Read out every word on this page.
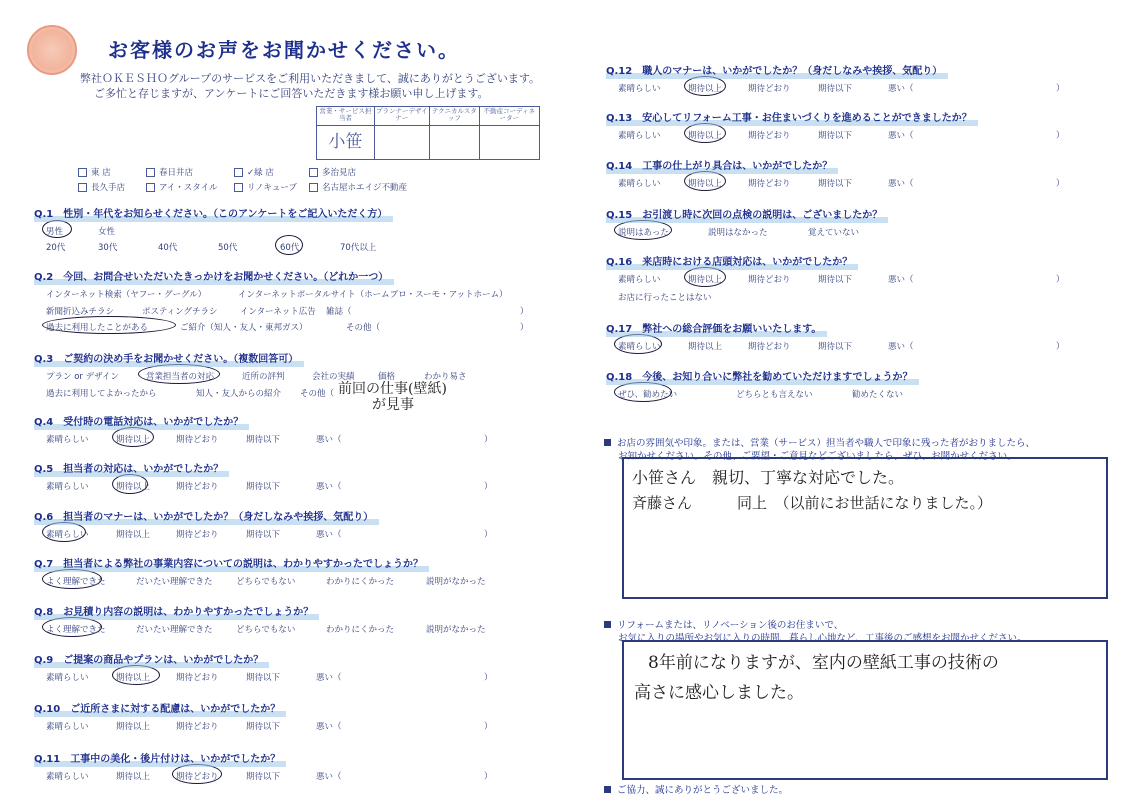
お客様のお声をお聞かせください。
弊社ＯＫＥＳＨＯグループのサービスをご利用いただきまして、誠にありがとうございます。
ご多忙と存じますが、アンケートにご回答いただきます様お願い申し上げます。
営業・サービス担当者	プランナーデザイナー	テクニカルスタッフ	不動産コーディネーター
小笹			
東 店	春日井店	✓緑 店	多治見店
長久手店	アイ・スタイル	リノキューブ	名古屋ホエイジ不動産
Q.1　性別・年代をお知らせください。（このアンケートをご記入いただく方）
男性	女性
20代	30代	40代	50代	60代	70代以上
Q.2　今回、お問合せいただいたきっかけをお聞かせください。（どれか一つ）
インターネット検索（ヤフー・グーグル）	インターネットポータルサイト（ホームプロ・スーモ・アットホーム）
新聞折込みチラシ	ポスティングチラシ	インターネット広告 雑誌（	）
過去に利用したことがある	ご紹介（知人・友人・東邦ガス）	その他（	）
Q.3　ご契約の決め手をお聞かせください。（複数回答可）
プラン or デザイン	営業担当者の対応	近所の評判	会社の実績	価格	わかり易さ
過去に利用してよかったから	知人・友人からの紹介 その他（ 前回の仕事(壁紙)
が見事
Q.4　受付時の電話対応は、いかがでしたか？
素晴らしい	期待以上	期待どおり	期待以下	悪い（	）
Q.5　担当者の対応は、いかがでしたか？
素晴らしい	期待以上	期待どおり	期待以下	悪い（	）
Q.6　担当者のマナーは、いかがでしたか？（身だしなみや挨拶、気配り）
素晴らしい	期待以上	期待どおり	期待以下	悪い（	）
Q.7　担当者による弊社の事業内容についての説明は、わかりやすかったでしょうか？
よく理解できた	だいたい理解できた	どちらでもない	わかりにくかった	説明がなかった
Q.8　お見積り内容の説明は、わかりやすかったでしょうか？
よく理解できた	だいたい理解できた	どちらでもない	わかりにくかった	説明がなかった
Q.9　ご提案の商品やプランは、いかがでしたか？
素晴らしい	期待以上	期待どおり	期待以下	悪い（	）
Q.10　ご近所さまに対する配慮は、いかがでしたか？
素晴らしい	期待以上	期待どおり	期待以下	悪い（	）
Q.11　工事中の美化・後片付けは、いかがでしたか？
素晴らしい	期待以上	期待どおり	期待以下	悪い（	）
Q.12　職人のマナーは、いかがでしたか？（身だしなみや挨拶、気配り）
素晴らしい	期待以上	期待どおり	期待以下	悪い（	）
Q.13　安心してリフォーム工事・お住まいづくりを進めることができましたか？
素晴らしい	期待以上	期待どおり	期待以下	悪い（	）
Q.14　工事の仕上がり具合は、いかがでしたか？
素晴らしい	期待以上	期待どおり	期待以下	悪い（	）
Q.15　お引渡し時に次回の点検の説明は、ございましたか？
説明はあった	説明はなかった	覚えていない
Q.16　来店時における店頭対応は、いかがでしたか？
素晴らしい	期待以上	期待どおり	期待以下	悪い（	）
お店に行ったことはない
Q.17　弊社への総合評価をお願いいたします。
素晴らしい	期待以上	期待どおり	期待以下	悪い（	）
Q.18　今後、お知り合いに弊社を勧めていただけますでしょうか？
ぜひ、勧めたい	どちらとも言えない	勧めたくない
お店の雰囲気や印象。または、営業（サービス）担当者や職人で印象に残った者がおりましたら、
お知かせください。その他、ご要望・ご意見などございましたら、ぜひ、お聞かせください。
小笹さん　親切、丁寧な対応でした。
斉藤さん　　　同上　（以前にお世話になりました。）
リフォームまたは、リノベーション後のお住まいで、
お気に入りの場所やお気に入りの時間、暮らし心地など、工事後のご感想をお聞かせください。
8年前になりますが、室内の壁紙工事の技術の
高さに感心しました。
ご協力、誠にありがとうございました。
